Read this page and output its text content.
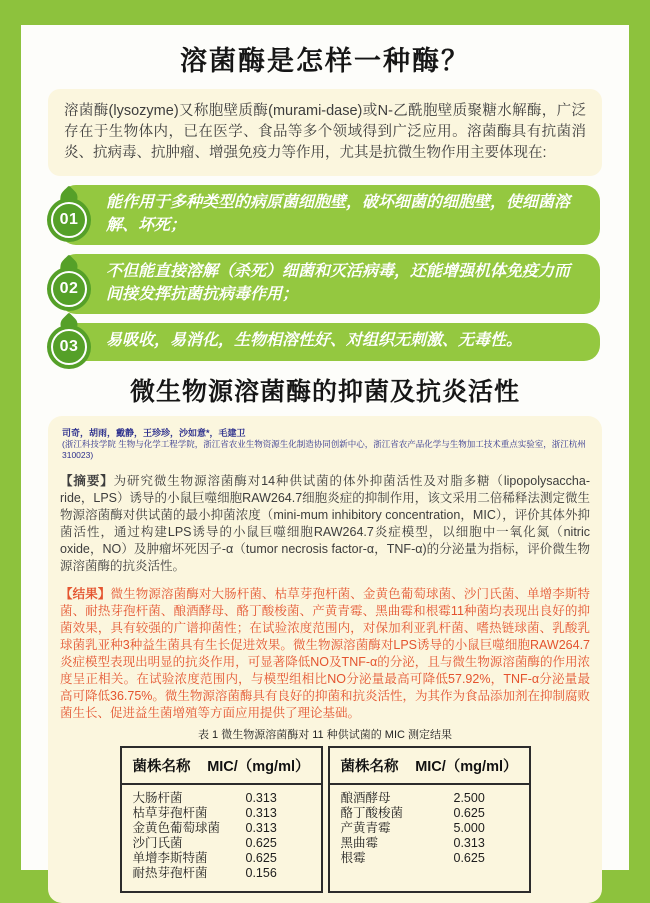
溶菌酶是怎样一种酶？

溶菌酶(lysozyme)又称胞壁质酶(murami-dase)或N-乙酰胞壁质聚糖水解酶，广泛存在于生物体内，已在医学、食品等多个领域得到广泛应用。溶菌酶具有抗菌消炎、抗病毒、抗肿瘤、增强免疫力等作用，尤其是抗微生物作用主要体现在:

01

能作用于多种类型的病原菌细胞壁，破坏细菌的细胞壁，使细菌溶解、坏死；

02

不但能直接溶解（杀死）细菌和灭活病毒，还能增强机体免疫力而间接发挥抗菌抗病毒作用；

03	易吸收，易消化，生物相溶性好、对组织无刺激、无毒性。

微生物源溶菌酶的抑菌及抗炎活性

司奇，胡雨，戴静，王珍珍，沙如意*，毛建卫

(浙江科技学院 生物与化学工程学院，浙江省农业生物资源生化制造协同创新中心，浙江省农产品化学与生物加工技术重点实验室，浙江杭州 310023)

【摘要】为研究微生物源溶菌酶对14种供试菌的体外抑菌活性及对脂多糖（lipopolysaccha-ride，LPS）诱导的小鼠巨噬细胞RAW264.7细胞炎症的抑制作用，该文采用二倍稀释法测定微生物源溶菌酶对供试菌的最小抑菌浓度（mini-mum inhibitory concentration，MIC），评价其体外抑菌活性，通过构建LPS诱导的小鼠巨噬细胞RAW264.7炎症模型，以细胞中一氧化氮（nitric oxide，NO）及肿瘤坏死因子-α（tumor necrosis factor-α，TNF-α)的分泌量为指标，评价微生物源溶菌酶的抗炎活性。

【结果】微生物源溶菌酶对大肠杆菌、枯草芽孢杆菌、金黄色葡萄球菌、沙门氏菌、单增李斯特菌、耐热芽孢杆菌、酿酒酵母、酪丁酸梭菌、产黄青霉、黑曲霉和根霉11种菌均表现出良好的抑菌效果，具有较强的广谱抑菌性；在试验浓度范围内，对保加利亚乳杆菌、嗜热链球菌、乳酸乳球菌乳亚种3种益生菌具有生长促进效果。微生物源溶菌酶对LPS诱导的小鼠巨噬细胞RAW264.7炎症模型表现出明显的抗炎作用，可显著降低NO及TNF-α的分泌，且与微生物源溶菌酶的作用浓度呈正相关。在试验浓度范围内，与模型组相比NO分泌量最高可降低57.92%，TNF-α分泌量最高可降低36.75%。微生物源溶菌酶具有良好的抑菌和抗炎活性，为其作为食品添加剂在抑制腐败菌生长、促进益生菌增殖等方面应用提供了理论基础。

表 1 微生物源溶菌酶对 11 种供试菌的 MIC 测定结果

菌株名称 MIC/（mg/ml）
大肠杆菌	0.313
枯草芽孢杆菌	0.313
金黄色葡萄球菌	0.313
沙门氏菌	0.625
单增李斯特菌	0.625
耐热芽孢杆菌	0.156
菌株名称 MIC/（mg/ml）
酿酒酵母	2.500
酪丁酸梭菌	0.625
产黄青霉	5.000
黑曲霉	0.313
根霉	0.625
